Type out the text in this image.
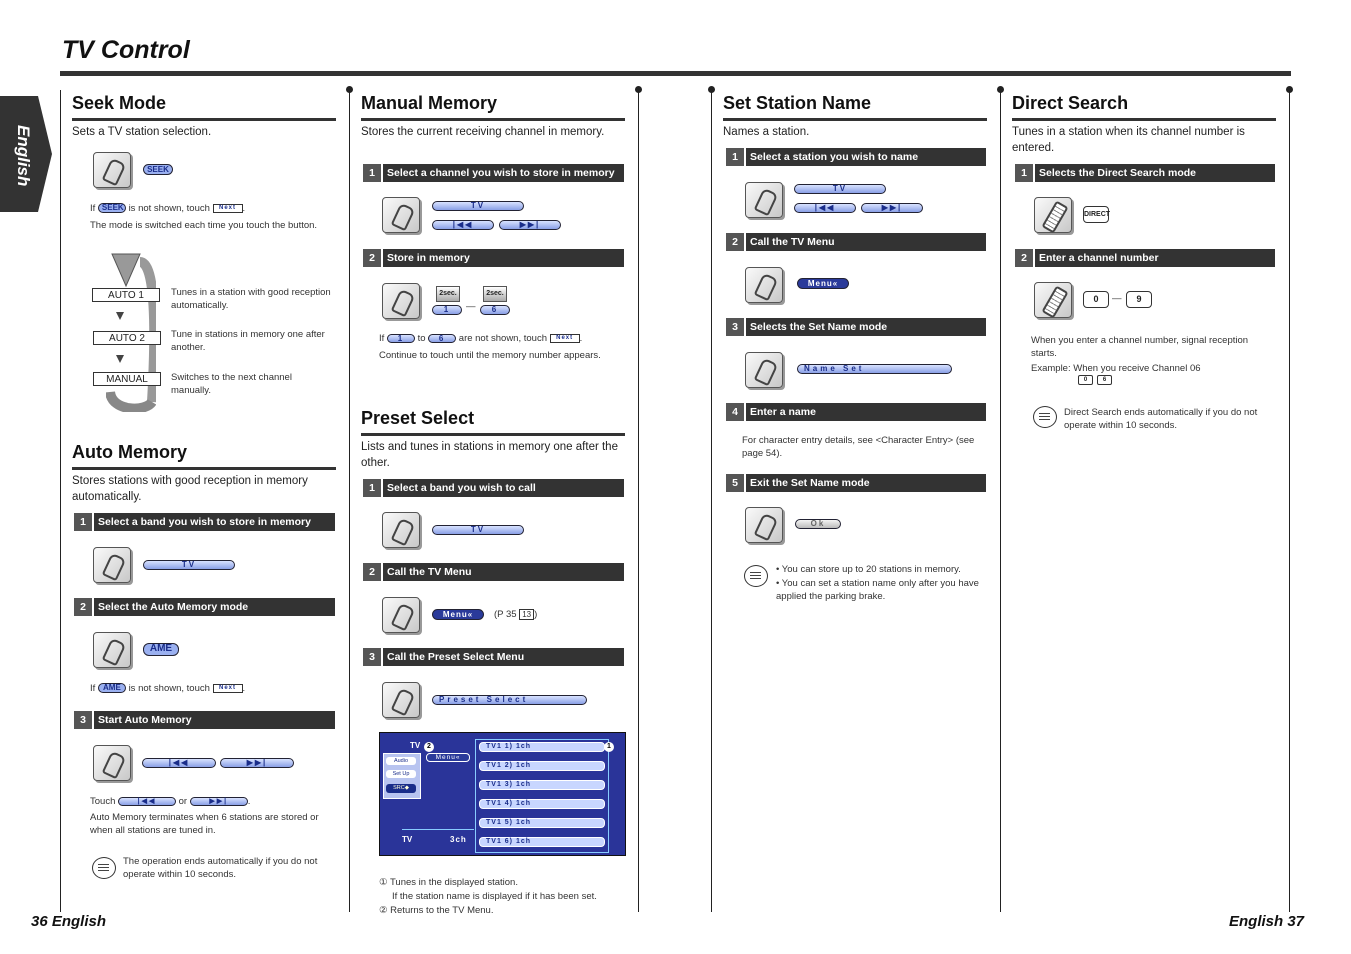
TV Control
English
Seek Mode
Sets a TV station selection.
SEEK
If SEEK is not shown, touch Next .
The mode is switched each time you touch the button.
AUTO 1	Tunes in a station with good reception automatically.
AUTO 2	Tune in stations in memory one after another.
MANUAL	Switches to the next channel manually.
Auto Memory
Stores stations with good reception in memory automatically.
1	Select a band you wish to store in memory
TV
2	Select the Auto Memory mode
AME
If AME is not shown, touch Next .
3	Start Auto Memory
|◀◀	▶▶|
Touch	|◀◀ or	▶▶| .
Auto Memory terminates when 6 stations are stored or when all stations are tuned in.
The operation ends automatically if you do not operate within 10 seconds.
Manual Memory
Stores the current receiving channel in memory.
1	Select a channel you wish to store in memory
TV
|◀◀	▶▶|
2	Store in memory
2sec.
1	—
2sec.
6
If 1 to 6 are not shown, touch Next .
Continue to touch until the memory number appears.
Preset Select
Lists and tunes in stations in memory one after the other.
1	Select a band you wish to call
TV
2	Call the TV Menu
Menu«	(P 35 13 )
3	Call the Preset Select Menu
Preset Select
TV
Menu«
2
Audio
Set Up
SRC◆
TV	3ch
TV1 1) 1ch
TV1 2) 1ch
TV1 3) 1ch
TV1 4) 1ch
TV1 5) 1ch
TV1 6) 1ch
1
① Tunes in the displayed station.
If the station name is displayed if it has been set.
② Returns to the TV Menu.
Set Station Name
Names a station.
1	Select a station you wish to name
TV
|◀◀	▶▶|
2	Call the TV Menu
Menu«
3	Selects the Set Name mode
Name Set
4	Enter a name
For character entry details, see <Character Entry> (see page 54).
5	Exit the Set Name mode
Ok
• You can store up to 20 stations in memory.
• You can set a station name only after you have applied the parking brake.
Direct Search
Tunes in a station when its channel number is entered.
1	Selects the Direct Search mode
DIRECT
2	Enter a channel number
0	—	9
When you enter a channel number, signal reception starts.
Example: When you receive Channel 06
0	6
Direct Search ends automatically if you do not operate within 10 seconds.
36 English	English 37
